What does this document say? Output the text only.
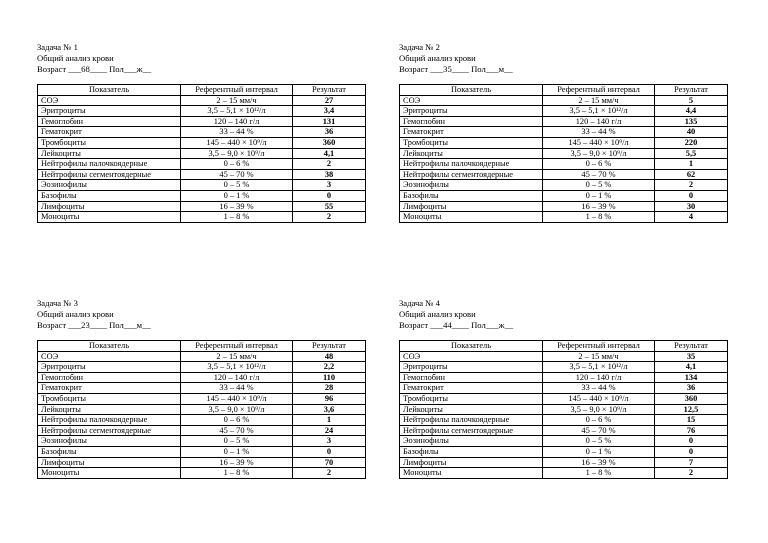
Задача № 1
Общий анализ крови
Возраст ___68____ Пол___ж__
Показатель	Референтный интервал	Результат
СОЭ	2 – 15 мм/ч	27
Эритроциты	3,5 – 5,1 × 10¹²/л	3,4
Гемоглобин	120 – 140 г/л	131
Гематокрит	33 – 44 %	36
Тромбоциты	145 – 440 × 10⁹/л	360
Лейкоциты	3,5 – 9,0 × 10⁹/л	4,1
Нейтрофилы палочкоядерные	0 – 6 %	2
Нейтрофилы сегментоядерные	45 – 70 %	38
Эозинофилы	0 – 5 %	3
Базофилы	0 – 1 %	0
Лимфоциты	16 – 39 %	55
Моноциты	1 – 8 %	2
Задача № 2
Общий анализ крови
Возраст ___35____ Пол___м__
Показатель	Референтный интервал	Результат
СОЭ	2 – 15 мм/ч	5
Эритроциты	3,5 – 5,1 × 10¹²/л	4,4
Гемоглобин	120 – 140 г/л	135
Гематокрит	33 – 44 %	40
Тромбоциты	145 – 440 × 10⁹/л	220
Лейкоциты	3,5 – 9,0 × 10⁹/л	5,5
Нейтрофилы палочкоядерные	0 – 6 %	1
Нейтрофилы сегментоядерные	45 – 70 %	62
Эозинофилы	0 – 5 %	2
Базофилы	0 – 1 %	0
Лимфоциты	16 – 39 %	30
Моноциты	1 – 8 %	4
Задача № 3
Общий анализ крови
Возраст ___23____ Пол___м__
Показатель	Референтный интервал	Результат
СОЭ	2 – 15 мм/ч	48
Эритроциты	3,5 – 5,1 × 10¹²/л	2,2
Гемоглобин	120 – 140 г/л	110
Гематокрит	33 – 44 %	28
Тромбоциты	145 – 440 × 10⁹/л	96
Лейкоциты	3,5 – 9,0 × 10⁹/л	3,6
Нейтрофилы палочкоядерные	0 – 6 %	1
Нейтрофилы сегментоядерные	45 – 70 %	24
Эозинофилы	0 – 5 %	3
Базофилы	0 – 1 %	0
Лимфоциты	16 – 39 %	70
Моноциты	1 – 8 %	2
Задача № 4
Общий анализ крови
Возраст ___44____ Пол___ж__
Показатель	Референтный интервал	Результат
СОЭ	2 – 15 мм/ч	35
Эритроциты	3,5 – 5,1 × 10¹²/л	4,1
Гемоглобин	120 – 140 г/л	134
Гематокрит	33 – 44 %	36
Тромбоциты	145 – 440 × 10⁹/л	360
Лейкоциты	3,5 – 9,0 × 10⁹/л	12,5
Нейтрофилы палочкоядерные	0 – 6 %	15
Нейтрофилы сегментоядерные	45 – 70 %	76
Эозинофилы	0 – 5 %	0
Базофилы	0 – 1 %	0
Лимфоциты	16 – 39 %	7
Моноциты	1 – 8 %	2
